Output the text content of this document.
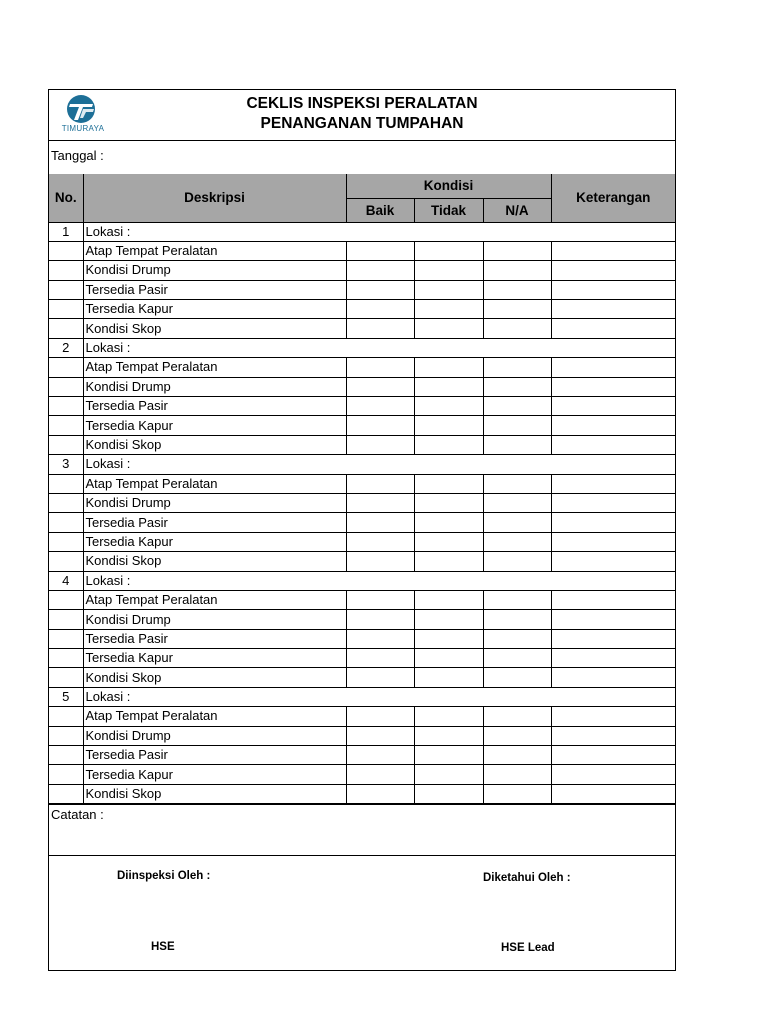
TIMURAYA
CEKLIS INSPEKSI PERALATAN
PENANGANAN TUMPAHAN
Tanggal :
No.	Deskripsi	Kondisi			Keterangan
		Baik	Tidak	N/A	
1	Lokasi :				
	Atap Tempat Peralatan				
	Kondisi Drump				
	Tersedia Pasir				
	Tersedia Kapur				
	Kondisi Skop				
2	Lokasi :				
	Atap Tempat Peralatan				
	Kondisi Drump				
	Tersedia Pasir				
	Tersedia Kapur				
	Kondisi Skop				
3	Lokasi :				
	Atap Tempat Peralatan				
	Kondisi Drump				
	Tersedia Pasir				
	Tersedia Kapur				
	Kondisi Skop				
4	Lokasi :				
	Atap Tempat Peralatan				
	Kondisi Drump				
	Tersedia Pasir				
	Tersedia Kapur				
	Kondisi Skop				
5	Lokasi :				
	Atap Tempat Peralatan				
	Kondisi Drump				
	Tersedia Pasir				
	Tersedia Kapur				
	Kondisi Skop				
Catatan :
Diinspeksi Oleh :	Diketahui Oleh :
HSE	HSE Lead
